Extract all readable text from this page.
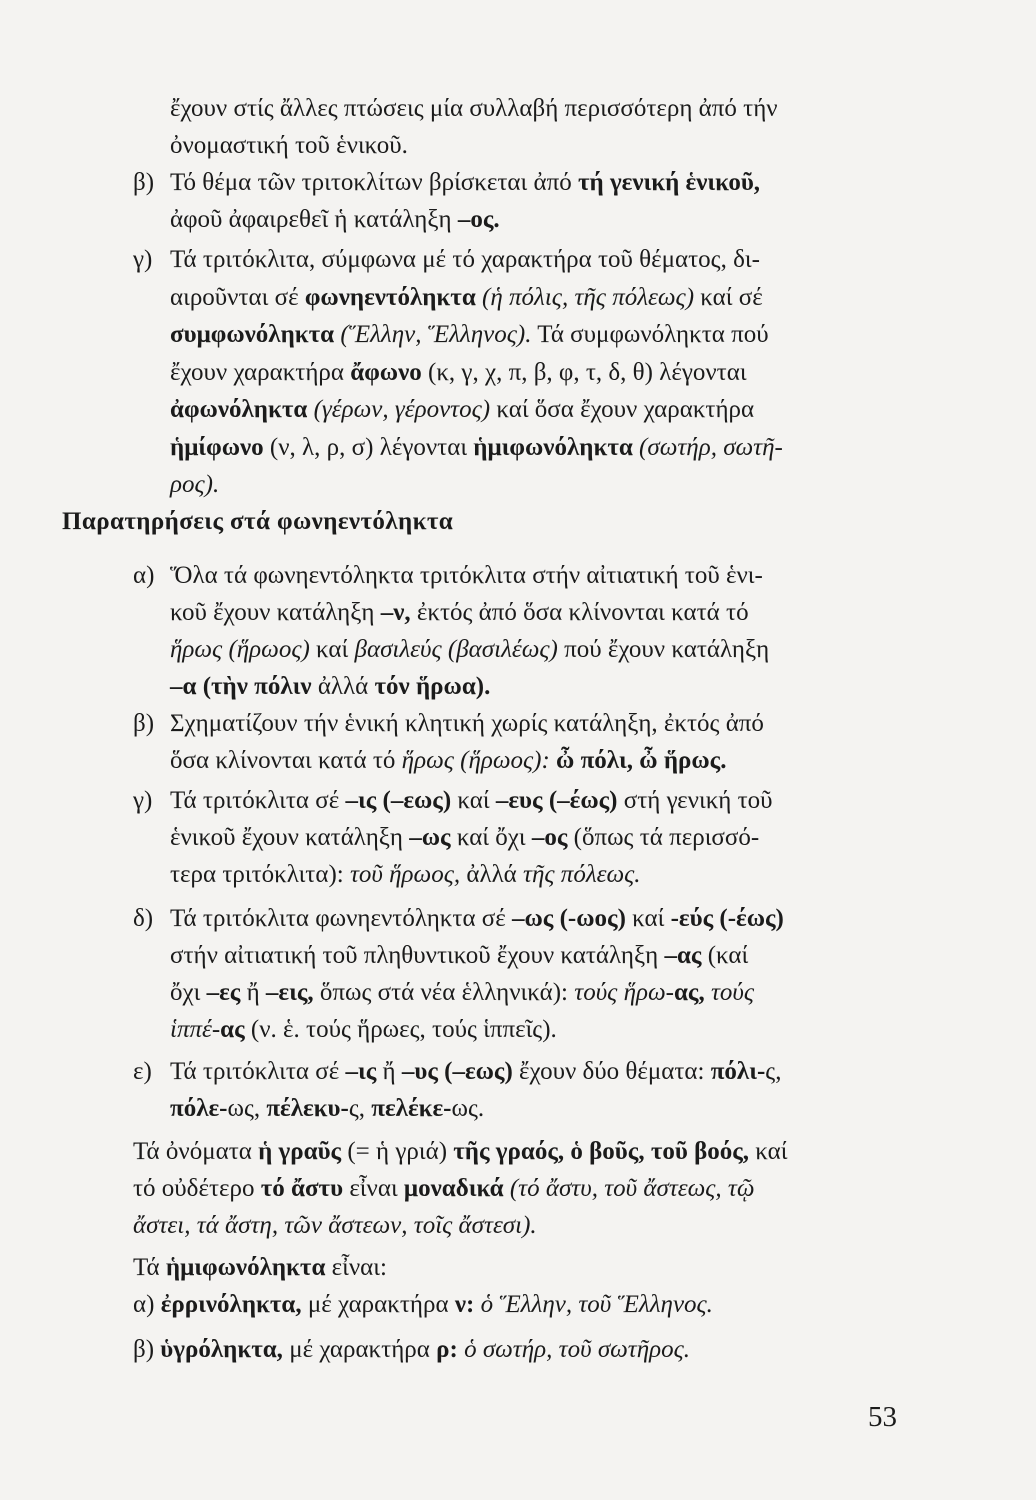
ἔχουν στίς ἄλλες πτώσεις μία συλλαβή περισσότερη ἀπό τήν
ὀνομαστική τοῦ ἑνικοῦ.
β) Τό θέμα τῶν τριτοκλίτων βρίσκεται ἀπό τή γενική ἑνικοῦ,
ἀφοῦ ἀφαιρεθεῖ ἡ κατάληξη –ος.
γ) Τά τριτόκλιτα, σύμφωνα μέ τό χαρακτήρα τοῦ θέματος, δι-
αιροῦνται σέ φωνηεντόληκτα (ἡ πόλις, τῆς πόλεως) καί σέ
συμφωνόληκτα (Ἕλλην, Ἕλληνος). Τά συμφωνόληκτα πού
ἔχουν χαρακτήρα ἄφωνο (κ, γ, χ, π, β, φ, τ, δ, θ) λέγονται
ἀφωνόληκτα (γέρων, γέροντος) καί ὅσα ἔχουν χαρακτήρα
ἡμίφωνο (ν, λ, ρ, σ) λέγονται ἡμιφωνόληκτα (σωτήρ, σωτῆ-
ρος).
Παρατηρήσεις στά φωνηεντόληκτα
α) Ὅλα τά φωνηεντόληκτα τριτόκλιτα στήν αἰτιατική τοῦ ἑνι-
κοῦ ἔχουν κατάληξη –ν, ἐκτός ἀπό ὅσα κλίνονται κατά τό
ἥρως (ἥρωος) καί βασιλεύς (βασιλέως) πού ἔχουν κατάληξη
–α (τὴν πόλιν ἀλλά τόν ἥρωα).
β) Σχηματίζουν τήν ἑνική κλητική χωρίς κατάληξη, ἐκτός ἀπό
ὅσα κλίνονται κατά τό ἥρως (ἥρωος): ὦ πόλι, ὦ ἥρως.
γ) Τά τριτόκλιτα σέ –ις (–εως) καί –ευς (–έως) στή γενική τοῦ
ἑνικοῦ ἔχουν κατάληξη –ως καί ὄχι –ος (ὅπως τά περισσό-
τερα τριτόκλιτα): τοῦ ἥρωος, ἀλλά τῆς πόλεως.
δ) Τά τριτόκλιτα φωνηεντόληκτα σέ –ως (-ωος) καί -εύς (-έως)
στήν αἰτιατική τοῦ πληθυντικοῦ ἔχουν κατάληξη –ας (καί
ὄχι –ες ἤ –εις, ὅπως στά νέα ἑλληνικά): τούς ἥρω-ας, τούς
ἱππέ-ας (ν. ἑ. τούς ἥρωες, τούς ἱππεῖς).
ε) Τά τριτόκλιτα σέ –ις ἤ –υς (–εως) ἔχουν δύο θέματα: πόλι-ς,
πόλε-ως, πέλεκυ-ς, πελέκε-ως.
Τά ὀνόματα ἡ γραῦς (= ἡ γριά) τῆς γραός, ὁ βοῦς, τοῦ βοός, καί
τό οὐδέτερο τό ἄστυ εἶναι μοναδικά (τό ἄστυ, τοῦ ἄστεως, τῷ
ἄστει, τά ἄστη, τῶν ἄστεων, τοῖς ἄστεσι).
Τά ἡμιφωνόληκτα εἶναι:
α) ἐρρινόληκτα, μέ χαρακτήρα ν: ὁ Ἕλλην, τοῦ Ἕλληνος.
β) ὑγρόληκτα, μέ χαρακτήρα ρ: ὁ σωτήρ, τοῦ σωτῆρος.
53
